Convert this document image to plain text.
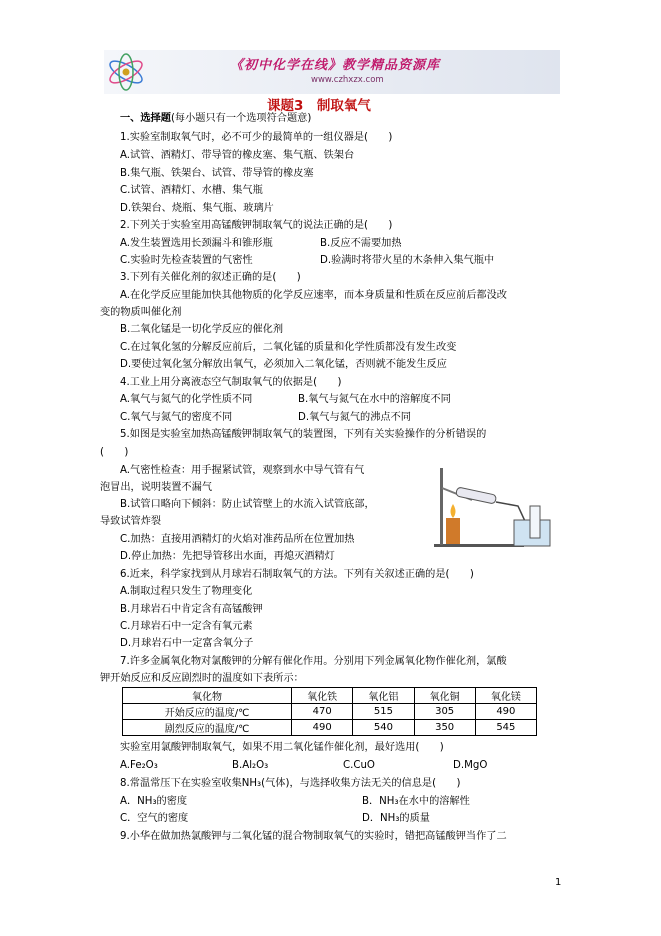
《初中化学在线》教学精品资源库
www.czhxzx.com
课题3　制取氧气
一、选择题(每小题只有一个选项符合题意)
1.实验室制取氧气时，必不可少的最简单的一组仪器是(　　)
A.试管、酒精灯、带导管的橡皮塞、集气瓶、铁架台
B.集气瓶、铁架台、试管、带导管的橡皮塞
C.试管、酒精灯、水槽、集气瓶
D.铁架台、烧瓶、集气瓶、玻璃片
2.下列关于实验室用高锰酸钾制取氧气的说法正确的是(　　)
A.发生装置选用长颈漏斗和锥形瓶	B.反应不需要加热
C.实验时先检查装置的气密性	D.验满时将带火星的木条伸入集气瓶中
3.下列有关催化剂的叙述正确的是(　　)
A.在化学反应里能加快其他物质的化学反应速率，而本身质量和性质在反应前后都没改
变的物质叫催化剂
B.二氧化锰是一切化学反应的催化剂
C.在过氧化氢的分解反应前后，二氧化锰的质量和化学性质都没有发生改变
D.要使过氧化氢分解放出氧气，必须加入二氧化锰，否则就不能发生反应
4.工业上用分离液态空气制取氧气的依据是(　　)
A.氧气与氮气的化学性质不同	B.氧气与氮气在水中的溶解度不同
C.氧气与氮气的密度不同	D.氧气与氮气的沸点不同
5.如图是实验室加热高锰酸钾制取氧气的装置图，下列有关实验操作的分析错误的
(　　)
A.气密性检查：用手握紧试管，观察到水中导气管有气
泡冒出，说明装置不漏气
B.试管口略向下倾斜：防止试管壁上的水流入试管底部，
导致试管炸裂
C.加热：直接用酒精灯的火焰对准药品所在位置加热
D.停止加热：先把导管移出水面，再熄灭酒精灯
6.近来，科学家找到从月球岩石制取氧气的方法。下列有关叙述正确的是(　　)
A.制取过程只发生了物理变化
B.月球岩石中肯定含有高锰酸钾
C.月球岩石中一定含有氧元素
D.月球岩石中一定富含氧分子
7.许多金属氧化物对氯酸钾的分解有催化作用。分别用下列金属氧化物作催化剂，氯酸
钾开始反应和反应剧烈时的温度如下表所示：
氧化物	氧化铁	氧化铝	氧化铜	氧化镁
开始反应的温度/℃	470	515	305	490
剧烈反应的温度/℃	490	540	350	545
实验室用氯酸钾制取氧气，如果不用二氧化锰作催化剂，最好选用(　　)
A.Fe₂O₃	B.Al₂O₃	C.CuO	D.MgO
8.常温常压下在实验室收集NH₃(气体)，与选择收集方法无关的信息是(　　)
A．NH₃的密度	B．NH₃在水中的溶解性
C．空气的密度	D．NH₃的质量
9.小华在做加热氯酸钾与二氧化锰的混合物制取氧气的实验时，错把高锰酸钾当作了二
1
